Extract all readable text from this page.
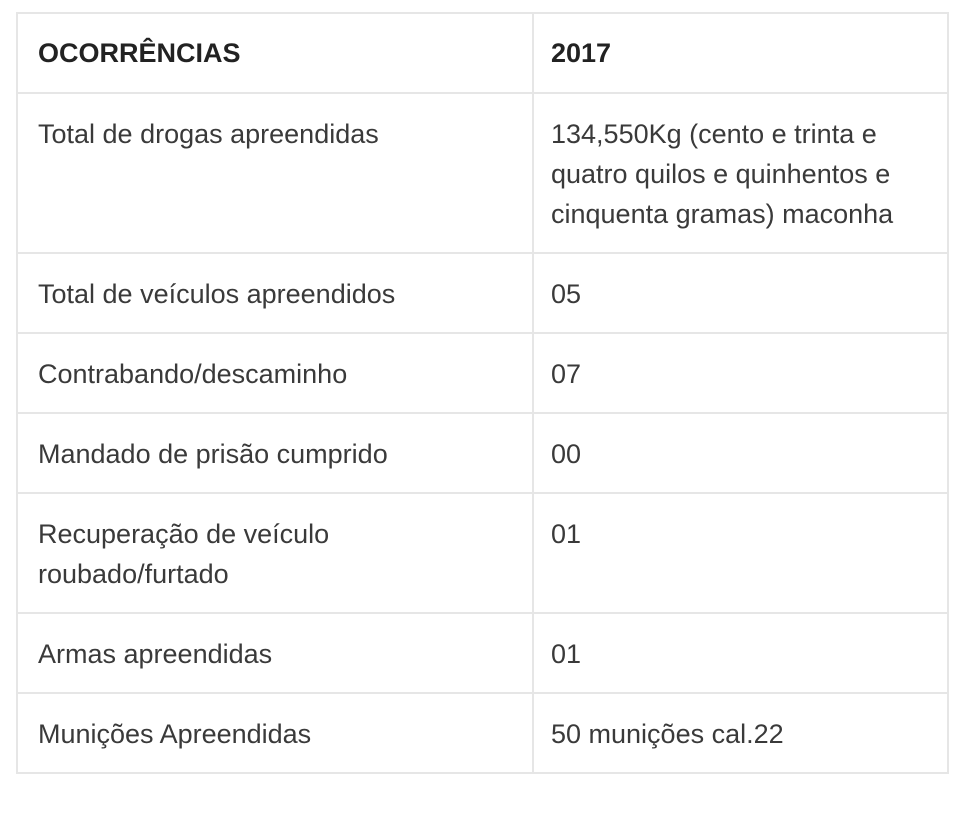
OCORRÊNCIAS	2017
Total de drogas apreendidas	134,550Kg (cento e trinta e quatro quilos e quinhentos e cinquenta gramas) maconha
Total de veículos apreendidos	05
Contrabando/descaminho	07
Mandado de prisão cumprido	00
Recuperação de veículo roubado/furtado	01
Armas apreendidas	01
Munições Apreendidas	50 munições cal.22
